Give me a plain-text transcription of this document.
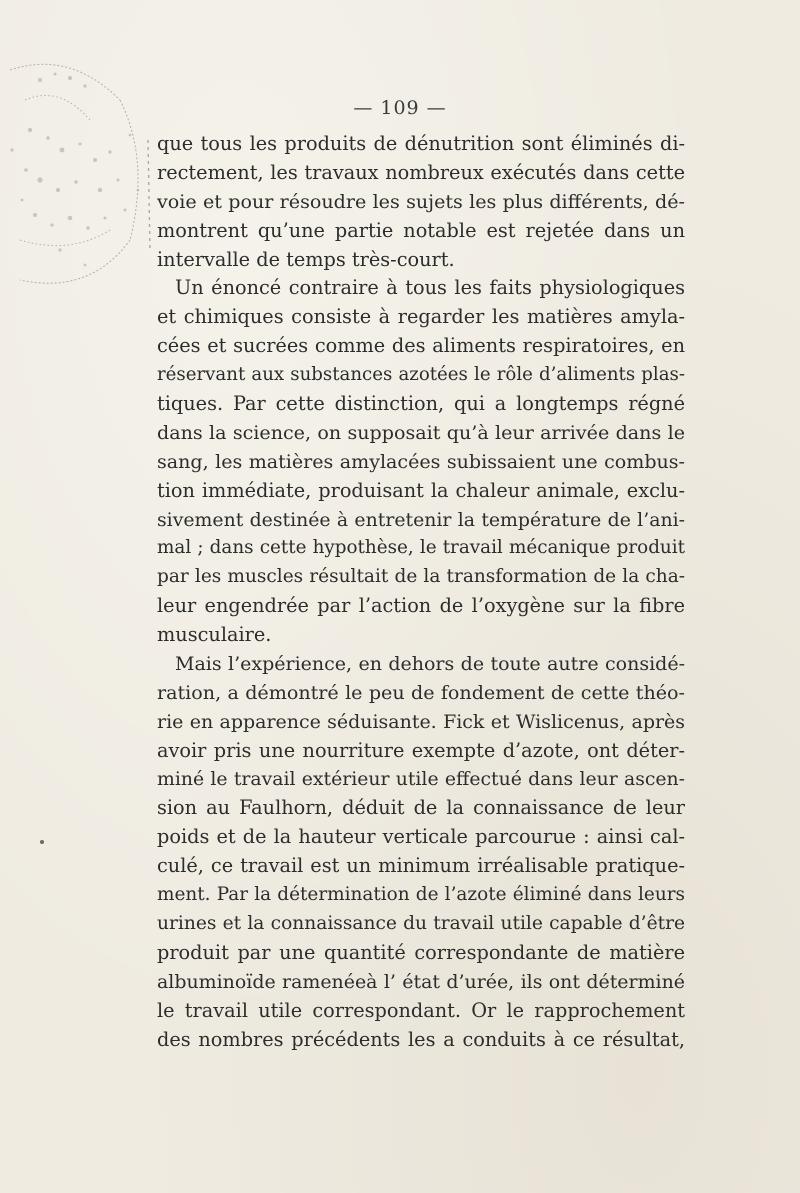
— 109 —
que tous les produits de dénutrition sont éliminés di-
rectement, les travaux nombreux exécutés dans cette
voie et pour résoudre les sujets les plus différents, dé-
montrent qu’une partie notable est rejetée dans un
intervalle de temps très-court.
Un énoncé contraire à tous les faits physiologiques
et chimiques consiste à regarder les matières amyla-
cées et sucrées comme des aliments respiratoires, en
réservant aux substances azotées le rôle d’aliments plas-
tiques. Par cette distinction, qui a longtemps régné
dans la science, on supposait qu’à leur arrivée dans le
sang, les matières amylacées subissaient une combus-
tion immédiate, produisant la chaleur animale, exclu-
sivement destinée à entretenir la température de l’ani-
mal ; dans cette hypothèse, le travail mécanique produit
par les muscles résultait de la transformation de la cha-
leur engendrée par l’action de l’oxygène sur la fibre
musculaire.
Mais l’expérience, en dehors de toute autre considé-
ration, a démontré le peu de fondement de cette théo-
rie en apparence séduisante. Fick et Wislicenus, après
avoir pris une nourriture exempte d’azote, ont déter-
miné le travail extérieur utile effectué dans leur ascen-
sion au Faulhorn, déduit de la connaissance de leur
poids et de la hauteur verticale parcourue : ainsi cal-
culé, ce travail est un minimum irréalisable pratique-
ment. Par la détermination de l’azote éliminé dans leurs
urines et la connaissance du travail utile capable d’être
produit par une quantité correspondante de matière
albuminoïde ramenéeà l’ état d’urée, ils ont déterminé
le travail utile correspondant. Or le rapprochement
des nombres précédents les a conduits à ce résultat,
